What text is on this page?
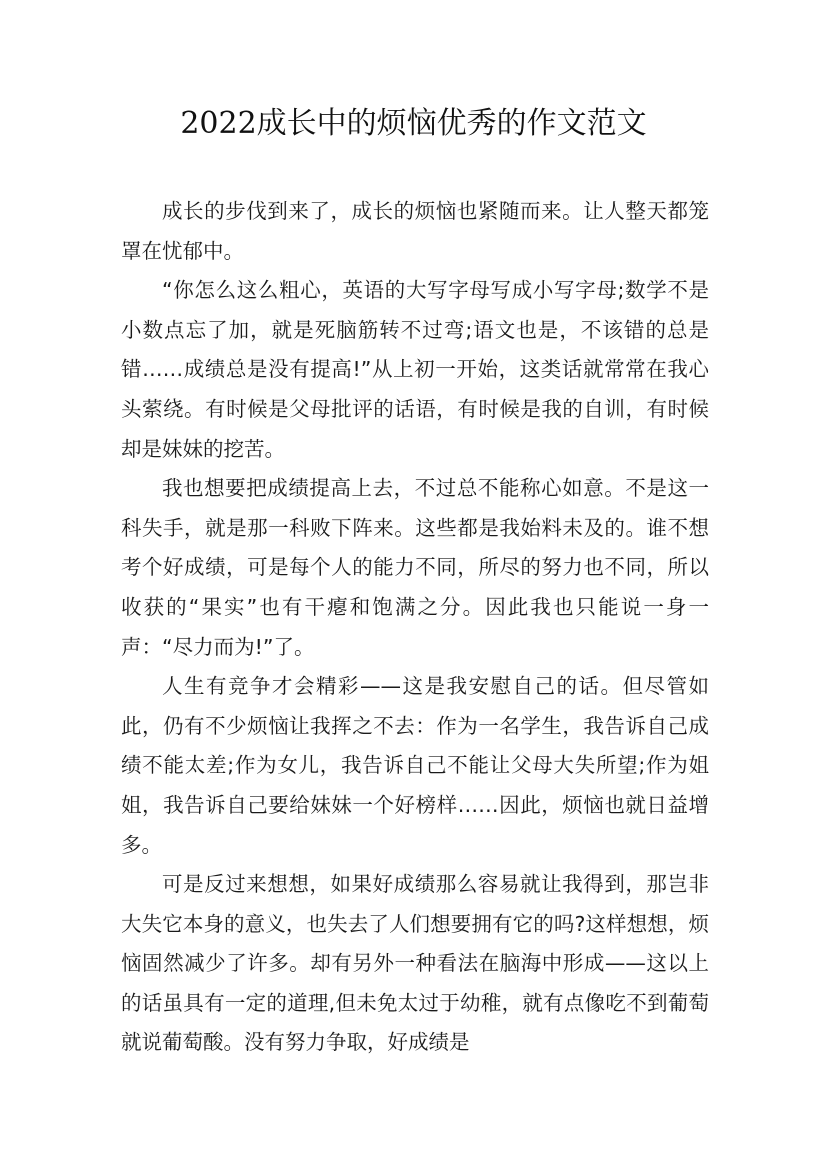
2022成长中的烦恼优秀的作文范文

成长的步伐到来了，成长的烦恼也紧随而来。让人整天都笼罩在忧郁中。

“你怎么这么粗心，英语的大写字母写成小写字母;数学不是小数点忘了加，就是死脑筋转不过弯;语文也是，不该错的总是错……成绩总是没有提高!”从上初一开始，这类话就常常在我心头萦绕。有时候是父母批评的话语，有时候是我的自训，有时候却是妹妹的挖苦。

我也想要把成绩提高上去，不过总不能称心如意。不是这一科失手，就是那一科败下阵来。这些都是我始料未及的。谁不想考个好成绩，可是每个人的能力不同，所尽的努力也不同，所以收获的“果实”也有干瘪和饱满之分。因此我也只能说一身一声：“尽力而为!”了。

人生有竞争才会精彩——这是我安慰自己的话。但尽管如此，仍有不少烦恼让我挥之不去：作为一名学生，我告诉自己成绩不能太差;作为女儿，我告诉自己不能让父母大失所望;作为姐姐，我告诉自己要给妹妹一个好榜样……因此，烦恼也就日益增多。

可是反过来想想，如果好成绩那么容易就让我得到，那岂非大失它本身的意义，也失去了人们想要拥有它的吗?这样想想，烦恼固然减少了许多。却有另外一种看法在脑海中形成——这以上的话虽具有一定的道理,但未免太过于幼稚，就有点像吃不到葡萄就说葡萄酸。没有努力争取，好成绩是
